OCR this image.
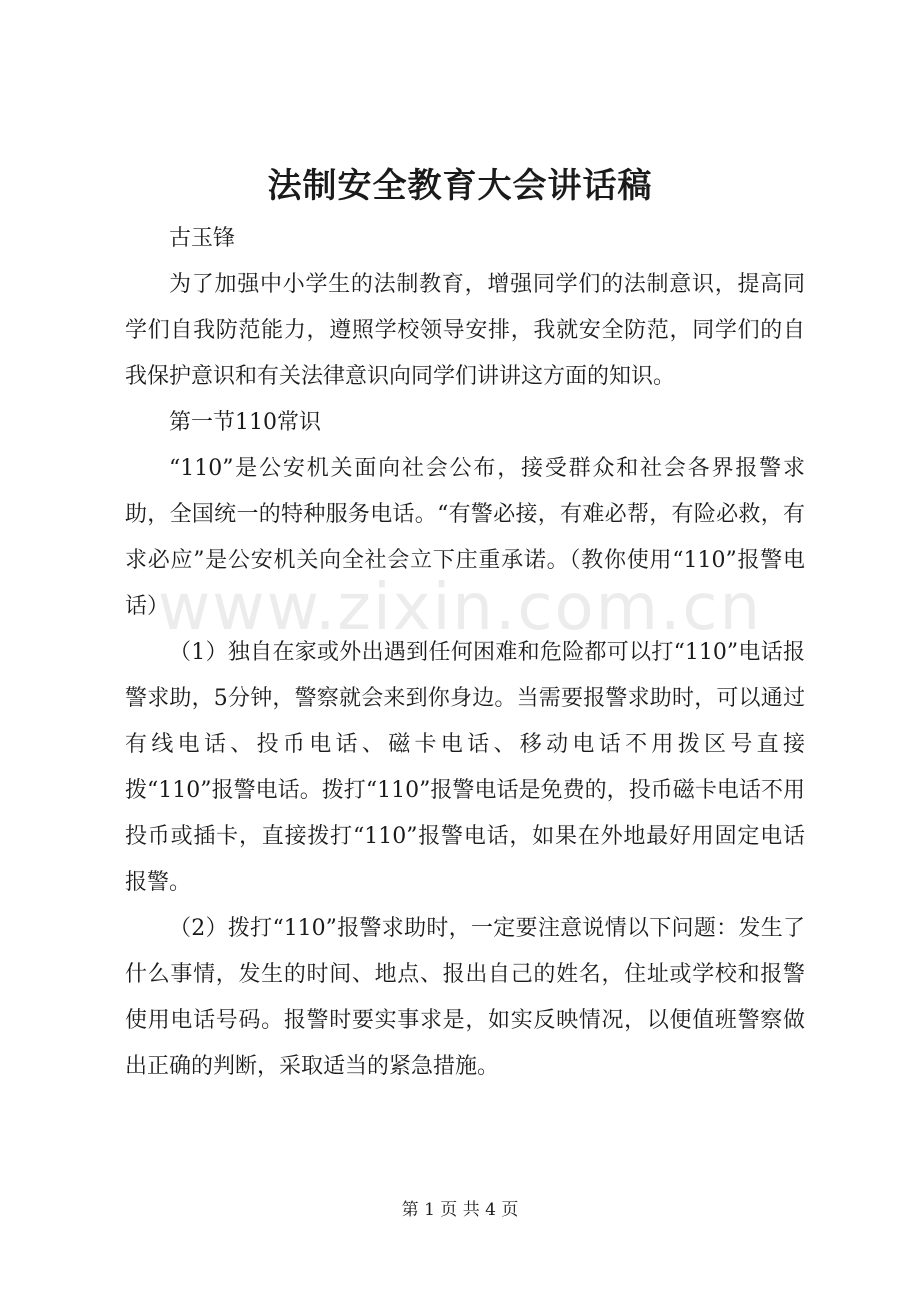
法制安全教育大会讲话稿

古玉锋

为了加强中小学生的法制教育，增强同学们的法制意识，提高同学们自我防范能力，遵照学校领导安排，我就安全防范，同学们的自我保护意识和有关法律意识向同学们讲讲这方面的知识。

第一节110常识

“110”是公安机关面向社会公布，接受群众和社会各界报警求助，全国统一的特种服务电话。“有警必接，有难必帮，有险必救，有求必应”是公安机关向全社会立下庄重承诺。（教你使用“110”报警电话）

（1）独自在家或外出遇到任何困难和危险都可以打“110”电话报警求助，5分钟，警察就会来到你身边。当需要报警求助时，可以通过有线电话、投币电话、磁卡电话、移动电话不用拨区号直接拨“110”报警电话。拨打“110”报警电话是免费的，投币磁卡电话不用投币或插卡，直接拨打“110”报警电话，如果在外地最好用固定电话报警。

（2）拨打“110”报警求助时，一定要注意说情以下问题：发生了什么事情，发生的时间、地点、报出自己的姓名，住址或学校和报警使用电话号码。报警时要实事求是，如实反映情况，以便值班警察做出正确的判断，采取适当的紧急措施。

www.zixin.com.cn
第 1 页 共 4 页
